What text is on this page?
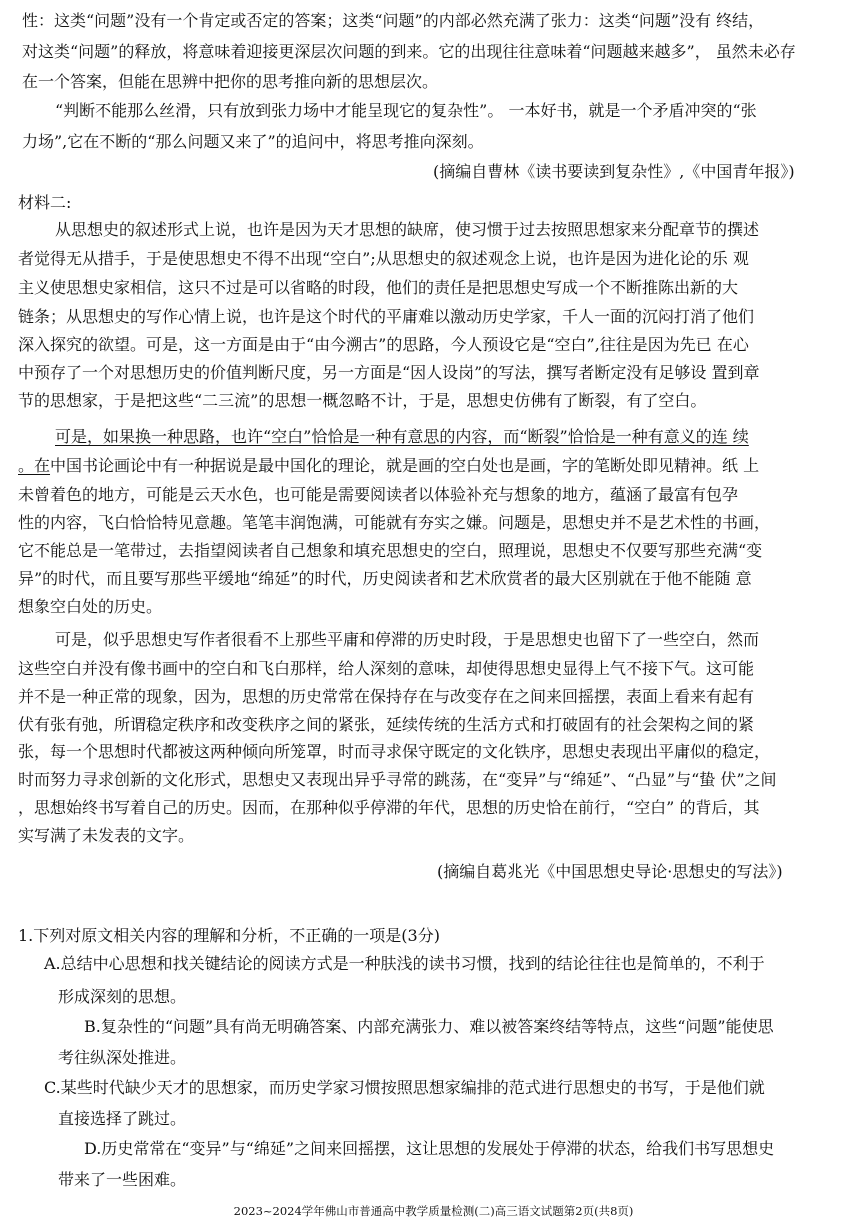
性：这类“问题”没有一个肯定或否定的答案；这类“问题”的内部必然充满了张力：这类“问题”没有 终结，
对这类“问题”的释放，将意味着迎接更深层次问题的到来。它的出现往往意味着“问题越来越多”， 虽然未必存
在一个答案，但能在思辨中把你的思考推向新的思想层次。
“判断不能那么丝滑，只有放到张力场中才能呈现它的复杂性”。 一本好书，就是一个矛盾冲突的“张
力场”,它在不断的“那么问题又来了”的追问中，将思考推向深刻。
(摘编自曹林《读书要读到复杂性》,《中国青年报》)
材料二:
从思想史的叙述形式上说，也许是因为天才思想的缺席，使习惯于过去按照思想家来分配章节的撰述
者觉得无从措手，于是使思想史不得不出现“空白”;从思想史的叙述观念上说，也许是因为进化论的乐 观
主义使思想史家相信，这只不过是可以省略的时段，他们的责任是把思想史写成一个不断推陈出新的大
链条；从思想史的写作心情上说，也许是这个时代的平庸难以激动历史学家，千人一面的沉闷打消了他们
深入探究的欲望。可是，这一方面是由于“由今溯古”的思路，今人预设它是“空白”,往往是因为先已 在心
中预存了一个对思想历史的价值判断尺度，另一方面是“因人设岗”的写法，撰写者断定没有足够设 置到章
节的思想家，于是把这些“二三流”的思想一概忽略不计，于是，思想史仿佛有了断裂，有了空白。
可是，如果换一种思路，也许“空白”恰恰是一种有意思的内容，而“断裂”恰恰是一种有意义的连 续
。在中国书论画论中有一种据说是最中国化的理论，就是画的空白处也是画，字的笔断处即见精神。纸 上
未曾着色的地方，可能是云天水色，也可能是需要阅读者以体验补充与想象的地方，蕴涵了最富有包孕
性的内容，飞白恰恰特见意趣。笔笔丰润饱满，可能就有夯实之嫌。问题是，思想史并不是艺术性的书画，
它不能总是一笔带过，去指望阅读者自己想象和填充思想史的空白，照理说，思想史不仅要写那些充满“变
异”的时代，而且要写那些平缓地“绵延”的时代，历史阅读者和艺术欣赏者的最大区别就在于他不能随 意
想象空白处的历史。
可是，似乎思想史写作者很看不上那些平庸和停滞的历史时段，于是思想史也留下了一些空白，然而
这些空白并没有像书画中的空白和飞白那样，给人深刻的意味，却使得思想史显得上气不接下气。这可能
并不是一种正常的现象，因为，思想的历史常常在保持存在与改变存在之间来回摇摆，表面上看来有起有
伏有张有弛，所谓稳定秩序和改变秩序之间的紧张，延续传统的生活方式和打破固有的社会架构之间的紧
张，每一个思想时代都被这两种倾向所笼罩，时而寻求保守既定的文化铁序，思想史表现出平庸似的稳定，
时而努力寻求创新的文化形式，思想史又表现出异乎寻常的跳荡，在“变异”与“绵延”、“凸显”与“蛰 伏”之间
，思想始终书写着自己的历史。因而，在那种似乎停滞的年代，思想的历史恰在前行，“空白” 的背后，其
实写满了未发表的文字。
(摘编自葛兆光《中国思想史导论·思想史的写法》)
1.下列对原文相关内容的理解和分析，不正确的一项是(3分)
A.总结中心思想和找关键结论的阅读方式是一种肤浅的读书习惯，找到的结论往往也是简单的，不利于
形成深刻的思想。
B.复杂性的“问题”具有尚无明确答案、内部充满张力、难以被答案终结等特点，这些“问题”能使思
考往纵深处推进。
C.某些时代缺少天才的思想家，而历史学家习惯按照思想家编排的范式进行思想史的书写，于是他们就
直接选择了跳过。
D.历史常常在“变异”与“绵延”之间来回摇摆，这让思想的发展处于停滞的状态，给我们书写思想史
带来了一些困难。
2023~2024学年佛山市普通高中教学质量检测(二)高三语文试题第2页(共8页)
